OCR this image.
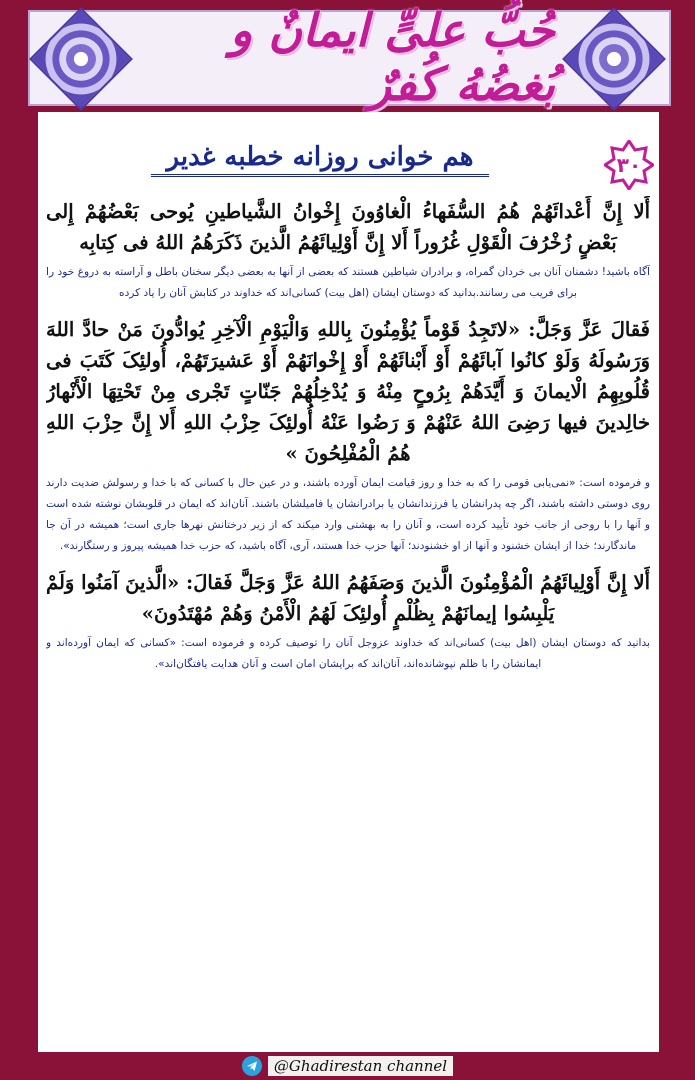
حُبُّ علیٍّ ایمانٌ و بُغضُهُ کُفرٌ
هم خوانی روزانه خطبه غدیر	۳۰

أَلا إِنَّ أَعْدائَهُمْ هُمُ السُّفَهاءُ الْغاوُونَ إِخْوانُ الشَّیاطینِ یُوحی بَعْضُهُمْ إِلی بَعْضٍ زُخْرُفَ الْقَوْلِ غُرُوراً أَلا إِنَّ أَوْلِیائَهُمُ الَّذینَ ذَکَرَهُمُ اللهُ فی کِتابِه

آگاه باشید! دشمنان آنان بی خردان گمراه، و برادران شیاطین هستند که بعضی از آنها به بعضی دیگر سخنان باطل و آراسته به دروغ خود را برای فریب می رسانند.بدانید که دوستان ایشان (اهل بیت) کسانی‌اند که خداوند در کتابش آنان را یاد کرده

فَقالَ عَزَّ وَجَلَّ: «لاتَجِدُ قَوْماً یُؤْمِنُونَ بِاللهِ وَالْیَوْمِ الْآخِرِ یُوادُّونَ مَنْ حادَّ اللهَ وَرَسُولَهُ وَلَوْ کانُوا آبائَهُمْ أَوْ أَبْنائَهُمْ أَوْ إِخْوانَهُمْ أَوْ عَشیرَتَهُمْ، أُولئِکَ کَتَبَ فی قُلُوبِهِمُ الْایمانَ وَ أَیَّدَهُمْ بِرُوحٍ مِنْهُ وَ یُدْخِلُهُمْ جَنّاتٍ تَجْری مِنْ تَحْتِهَا الْأَنْهارُ خالِدینَ فیها رَضِیَ اللهُ عَنْهُمْ وَ رَضُوا عَنْهُ أُولئِکَ حِزْبُ اللهِ أَلا إِنَّ حِزْبَ اللهِ هُمُ الْمُفْلِحُونَ »

و فرموده است: «نمی‌یابی قومی را که به خدا و روز قیامت ایمان آورده باشند، و در عین حال با کسانی که با خدا و رسولش ضدیت دارند روی دوستی داشته باشند، اگر چه پدرانشان یا فرزندانشان یا برادرانشان یا فامیلشان باشند. آنان‌اند که ایمان در قلوبشان نوشته شده است و آنها را با روحی از جانب خود تأیید کرده است، و آنان را به بهشتی وارد میکند که از زیر درختانش نهرها جاری است؛ همیشه در آن جا ماندگارند؛ خدا از ایشان خشنود و آنها از او خشنودند؛ آنها حزب خدا هستند، آری، آگاه باشید، که حزب خدا همیشه پیروز و رستگارند».

أَلا إِنَّ أَوْلِیائَهُمُ الْمُؤْمِنُونَ الَّذینَ وَصَفَهُمُ اللهُ عَزَّ وَجَلَّ فَقالَ: «الَّذینَ آمَنُوا وَلَمْ یَلْبِسُوا إیمانَهُمْ بِظُلْمٍ أُولئِکَ لَهُمُ الْأَمْنُ وَهُمْ مُهْتَدُونَ»

بدانید که دوستان ایشان (اهل بیت) کسانی‌اند که خداوند عزوجل آنان را توصیف کرده و فرموده است: «کسانی که ایمان آورده‌اند و ایمانشان را با ظلم نپوشانده‌اند، آنان‌اند که برایشان امان است و آنان هدایت یافتگان‌اند».

@Ghadirestan channel
